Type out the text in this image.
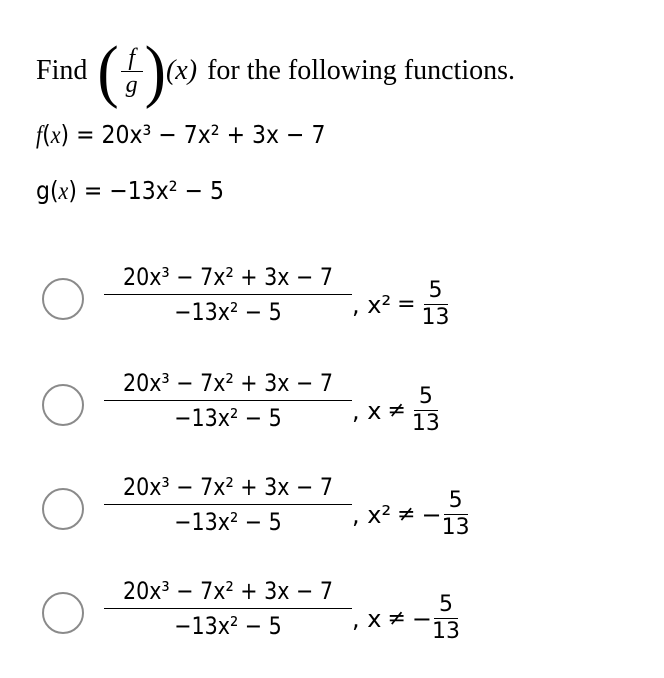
Find ( $\frac{f}{g}$ ) (x) for the following functions.
f(x) = 20x³ − 7x² + 3x − 7
g(x) = −13x² − 5
20x³ − 7x² + 3x − 7
−13x² − 5	, x² =
5
13
20x³ − 7x² + 3x − 7
−13x² − 5	, x ≠
5
13
20x³ − 7x² + 3x − 7
−13x² − 5	, x² ≠ − 5
13
20x³ − 7x² + 3x − 7
−13x² − 5	, x ≠ − 5
13
